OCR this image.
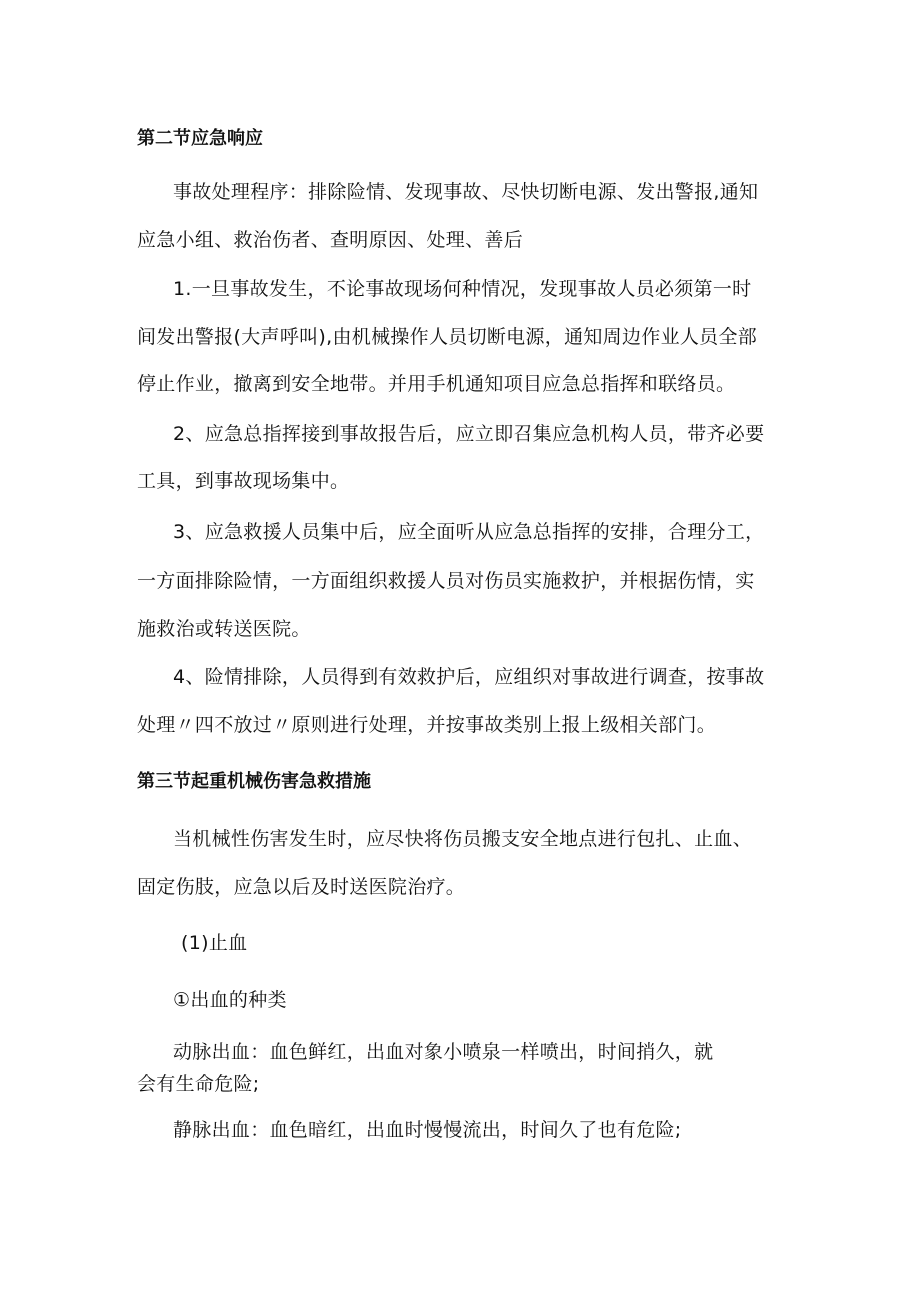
第二节应急响应
事故处理程序：排除险情、发现事故、尽快切断电源、发出警报,通知
应急小组、救治伤者、查明原因、处理、善后
1.一旦事故发生，不论事故现场何种情况，发现事故人员必须第一时
间发出警报(大声呼叫),由机械操作人员切断电源，通知周边作业人员全部
停止作业，撤离到安全地带。并用手机通知项目应急总指挥和联络员。
2、应急总指挥接到事故报告后，应立即召集应急机构人员，带齐必要
工具，到事故现场集中。
3、应急救援人员集中后，应全面听从应急总指挥的安排，合理分工，
一方面排除险情，一方面组织救援人员对伤员实施救护，并根据伤情，实
施救治或转送医院。
4、险情排除，人员得到有效救护后，应组织对事故进行调查，按事故
处理〃四不放过〃原则进行处理，并按事故类别上报上级相关部门。
第三节起重机械伤害急救措施
当机械性伤害发生时，应尽快将伤员搬支安全地点进行包扎、止血、
固定伤肢，应急以后及时送医院治疗。
(1)止血
①出血的种类
动脉出血：血色鲜红，出血对象小喷泉一样喷出，时间捎久，就
会有生命危险;
静脉出血：血色暗红，出血时慢慢流出，时间久了也有危险;
